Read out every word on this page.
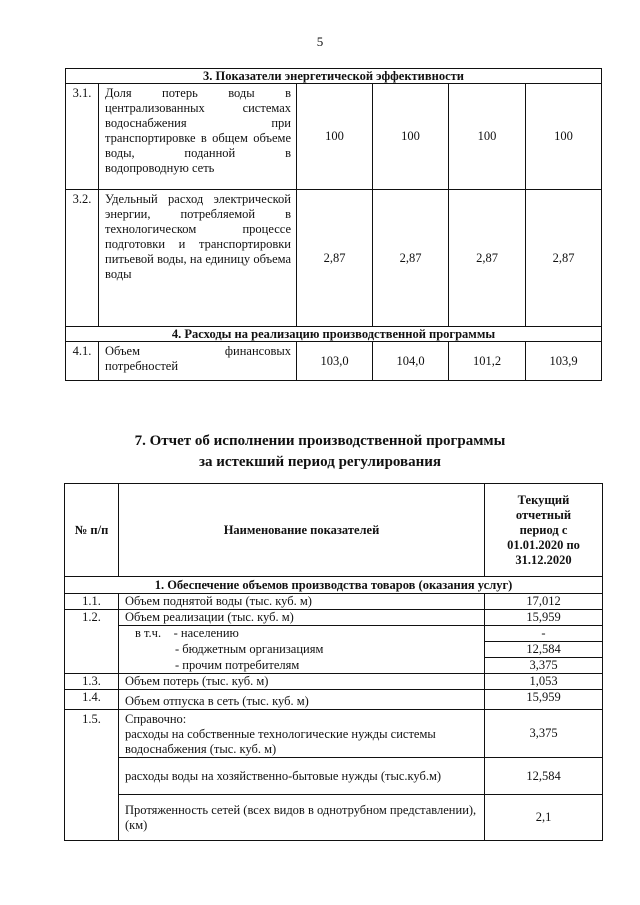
5
3. Показатели энергетической эффективности					
3.1.	Доля потерь воды в централизованных системах водоснабжения при транспортировке в общем объеме воды, поданной в
водопроводную сеть	100	100	100	100
3.2.	Удельный расход электрической энергии, потребляемой в технологическом процессе подготовки и транспортировки питьевой воды, на единицу объема
воды	2,87	2,87	2,87	2,87
4. Расходы на реализацию производственной программы					
4.1.	Объем финансовых
потребностей	103,0	104,0	101,2	103,9
7. Отчет об исполнении производственной программы
за истекший период регулирования
№ п/п	Наименование показателей	Текущий отчетный период с 01.01.2020 по 31.12.2020
1. Обеспечение объемов производства товаров (оказания услуг)		
1.1.	Объем поднятой воды (тыс. куб. м)	17,012
1.2.	Объем реализации (тыс. куб. м)	15,959
	в т.ч.    - населению	-
	- бюджетным организациям	12,584
	- прочим потребителям	3,375
1.3.	Объем потерь (тыс. куб. м)	1,053
1.4.	Объем отпуска в сеть (тыс. куб. м)	15,959
1.5.	Справочно:
расходы на собственные технологические нужды системы водоснабжения (тыс. куб. м)	3,375
	расходы воды на хозяйственно-бытовые нужды (тыс.куб.м)	12,584
	Протяженность сетей (всех видов в однотрубном представлении), (км)	2,1
